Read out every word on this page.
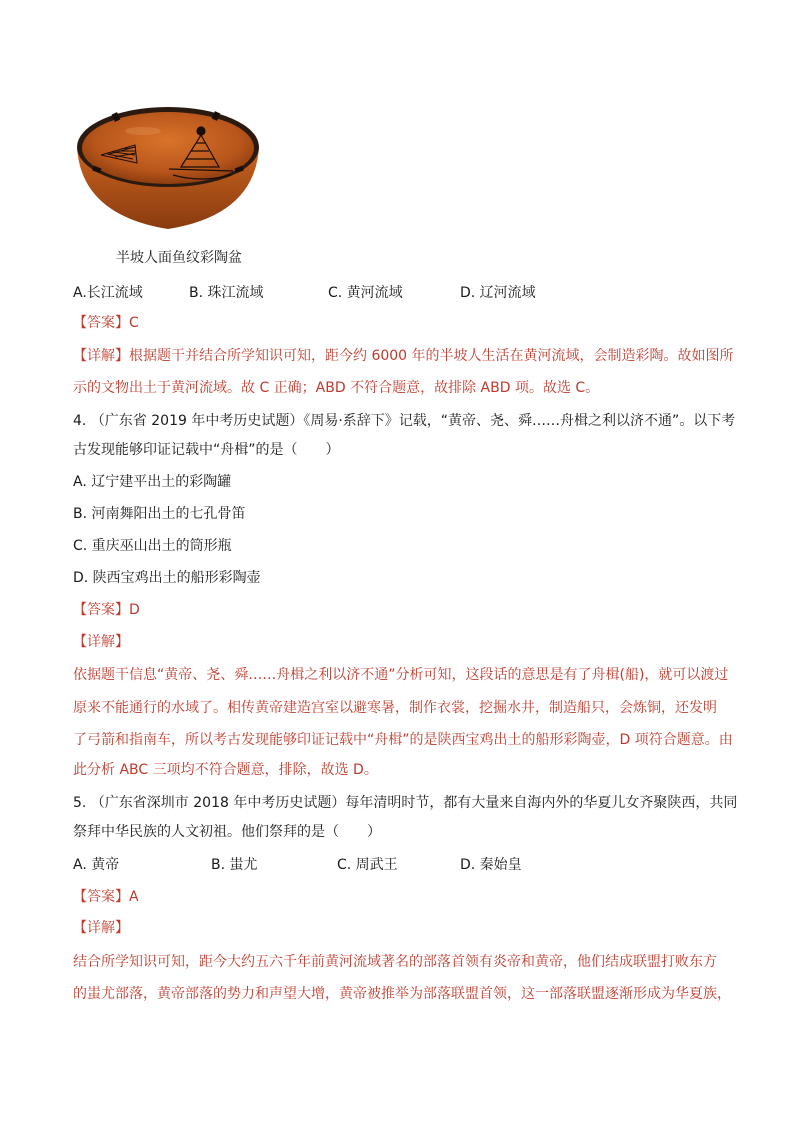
半坡人面鱼纹彩陶盆
A.长江流域	B. 珠江流域	C. 黄河流域	D. 辽河流域
【答案】C
【详解】根据题干并结合所学知识可知，距今约 6000 年的半坡人生活在黄河流域，会制造彩陶。故如图所
示的文物出土于黄河流域。故 C 正确；ABD 不符合题意，故排除 ABD 项。故选 C。
4. （广东省 2019 年中考历史试题）《周易·系辞下》记载，“黄帝、尧、舜……舟楫之利以济不通”。以下考
古发现能够印证记载中“舟楫”的是（　　）
A. 辽宁建平出土的彩陶罐
B. 河南舞阳出土的七孔骨笛
C. 重庆巫山出土的筒形瓶
D. 陕西宝鸡出土的船形彩陶壶
【答案】D
【详解】
依据题干信息“黄帝、尧、舜……舟楫之利以济不通”分析可知，这段话的意思是有了舟楫(船)，就可以渡过
原来不能通行的水域了。相传黄帝建造宫室以避寒暑，制作衣裳，挖掘水井，制造船只，会炼铜，还发明
了弓箭和指南车，所以考古发现能够印证记载中“舟楫”的是陕西宝鸡出土的船形彩陶壶，D 项符合题意。由
此分析 ABC 三项均不符合题意，排除，故选 D。
5. （广东省深圳市 2018 年中考历史试题）每年清明时节，都有大量来自海内外的华夏儿女齐聚陕西，共同
祭拜中华民族的人文初祖。他们祭拜的是（　　）
A. 黄帝	B. 蚩尤	C. 周武王	D. 秦始皇
【答案】A
【详解】
结合所学知识可知，距今大约五六千年前黄河流域著名的部落首领有炎帝和黄帝，他们结成联盟打败东方
的蚩尤部落，黄帝部落的势力和声望大增，黄帝被推举为部落联盟首领，这一部落联盟逐渐形成为华夏族，
